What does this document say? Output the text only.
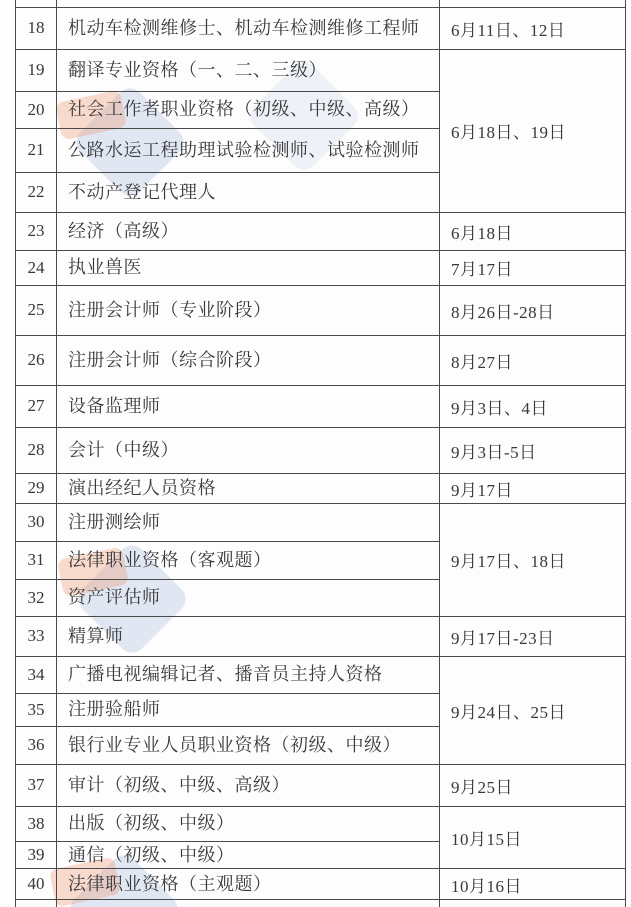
18	机动车检测维修士、机动车检测维修工程师	6月11日、12日
19	翻译专业资格（一、二、三级）	6月18日、19日
20	社会工作者职业资格（初级、中级、高级）	
21	公路水运工程助理试验检测师、试验检测师	
22	不动产登记代理人	
23	经济（高级）	6月18日
24	执业兽医	7月17日
25	注册会计师（专业阶段）	8月26日-28日
26	注册会计师（综合阶段）	8月27日
27	设备监理师	9月3日、4日
28	会计（中级）	9月3日-5日
29	演出经纪人员资格	9月17日
30	注册测绘师	9月17日、18日
31	法律职业资格（客观题）	
32	资产评估师	
33	精算师	9月17日-23日
34	广播电视编辑记者、播音员主持人资格	9月24日、25日
35	注册验船师	
36	银行业专业人员职业资格（初级、中级）	
37	审计（初级、中级、高级）	9月25日
38	出版（初级、中级）	10月15日
39	通信（初级、中级）	
40	法律职业资格（主观题）	10月16日
